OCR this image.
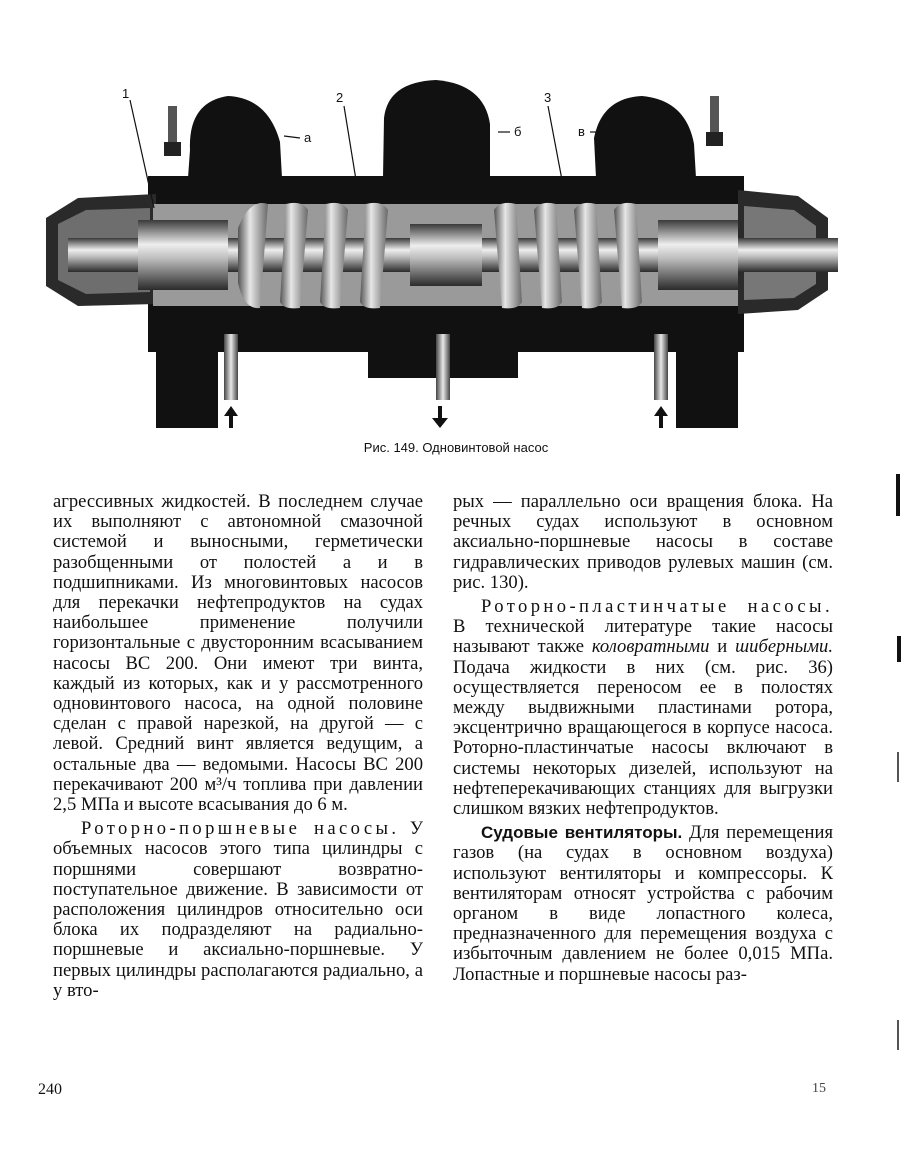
1	2	3
а	б	в
Рис. 149. Одновинтовой насос

агрессивных жидкостей. В последнем случае их выполняют с автономной смазочной системой и выносными, герметически разобщенными от полостей а и в подшипниками. Из многовинтовых насосов для перекачки нефтепродуктов на судах наибольшее применение получили горизонтальные с двусторонним всасыванием насосы ВС 200. Они имеют три винта, каждый из которых, как и у рассмотренного одновинтового насоса, на одной половине сделан с правой нарезкой, на другой — с левой. Средний винт является ведущим, а остальные два — ведомыми. Насосы ВС 200 перекачивают 200 м³/ч топлива при давлении 2,5 МПа и высоте всасывания до 6 м.

Роторно-поршневые насосы. У объемных насосов этого типа цилиндры с поршнями совершают возвратно-поступательное движение. В зависимости от расположения цилиндров относительно оси блока их подразделяют на радиально-поршневые и аксиально-поршневые. У первых цилиндры располагаются радиально, а у вто-

рых — параллельно оси вращения блока. На речных судах используют в основном аксиально-поршневые насосы в составе гидравлических приводов рулевых машин (см. рис. 130).

Роторно-пластинчатые насосы. В технической литературе такие насосы называют также коловратными и шиберными. Подача жидкости в них (см. рис. 36) осуществляется переносом ее в полостях между выдвижными пластинами ротора, эксцентрично вращающегося в корпусе насоса. Роторно-пластинчатые насосы включают в системы некоторых дизелей, используют на нефтеперекачивающих станциях для выгрузки слишком вязких нефтепродуктов.

Судовые вентиляторы. Для перемещения газов (на судах в основном воздуха) используют вентиляторы и компрессоры. К вентиляторам относят устройства с рабочим органом в виде лопастного колеса, предназначенного для перемещения воздуха с избыточным давлением не более 0,015 МПа. Лопастные и поршневые насосы раз-

240	15
